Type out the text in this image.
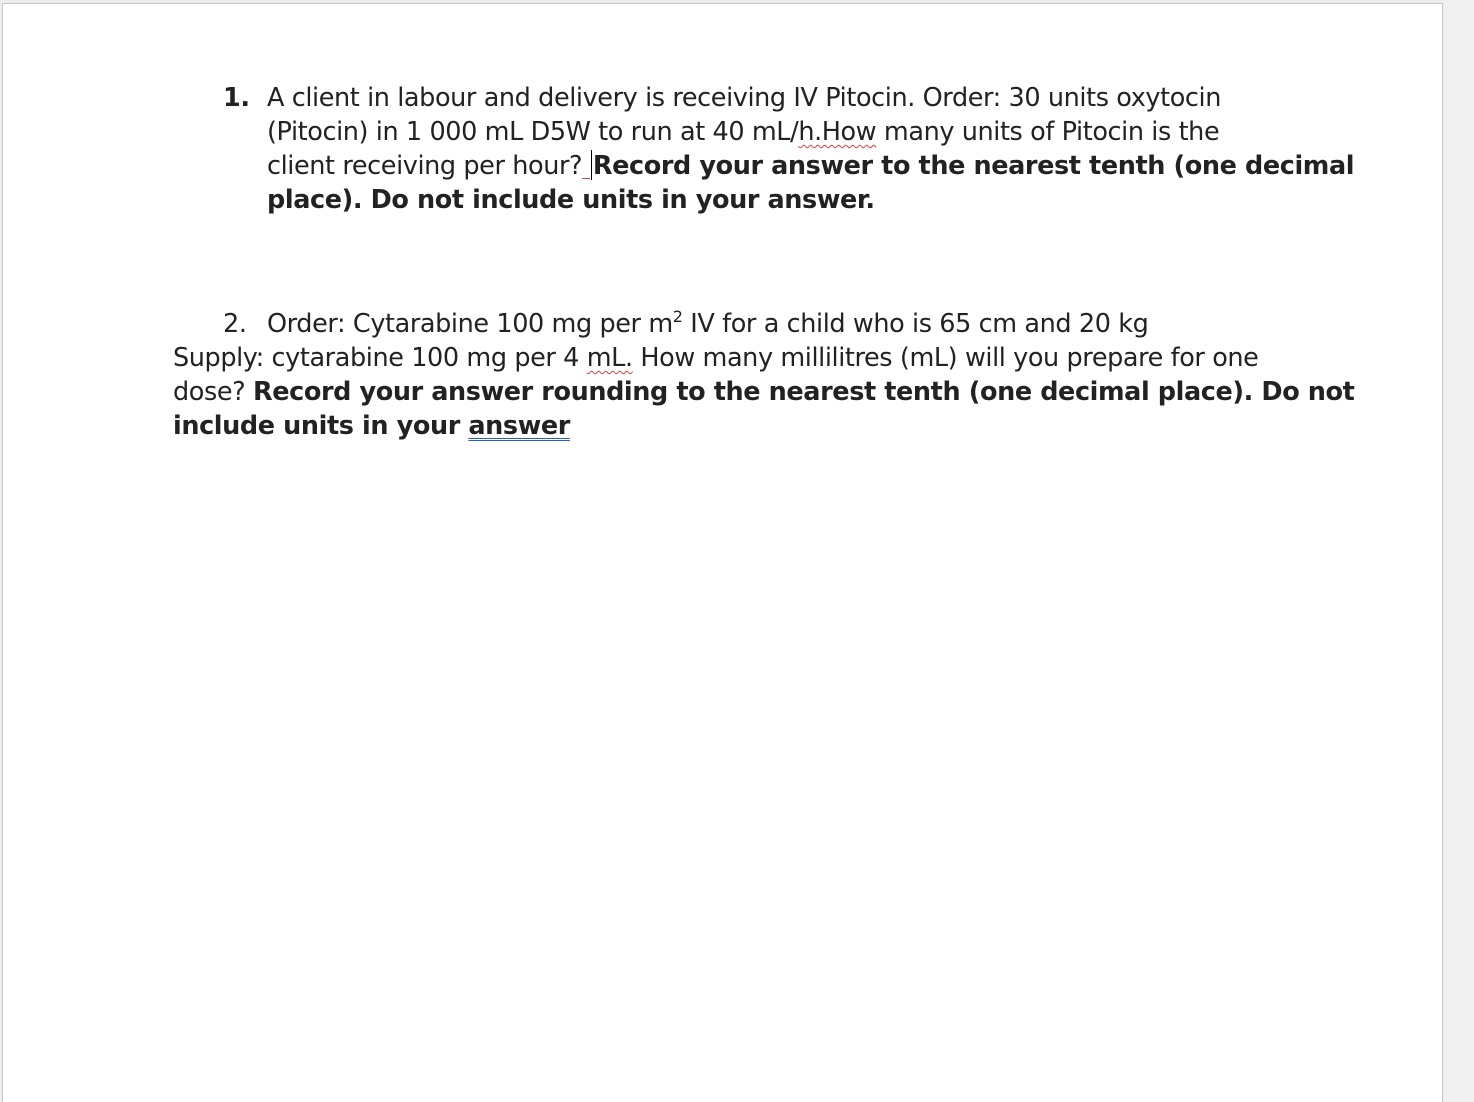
1. A client in labour and delivery is receiving IV Pitocin. Order: 30 units oxytocin
(Pitocin) in 1 000 mL D5W to run at 40 mL/h.How many units of Pitocin is the
client receiving per hour? Record your answer to the nearest tenth (one decimal
place). Do not include units in your answer.
2. Order: Cytarabine 100 mg per $m^2$ IV for a child who is 65 cm and 20 kg
Supply: cytarabine 100 mg per 4 mL. How many millilitres (mL) will you prepare for one
dose? Record your answer rounding to the nearest tenth (one decimal place). Do not
include units in your answer
